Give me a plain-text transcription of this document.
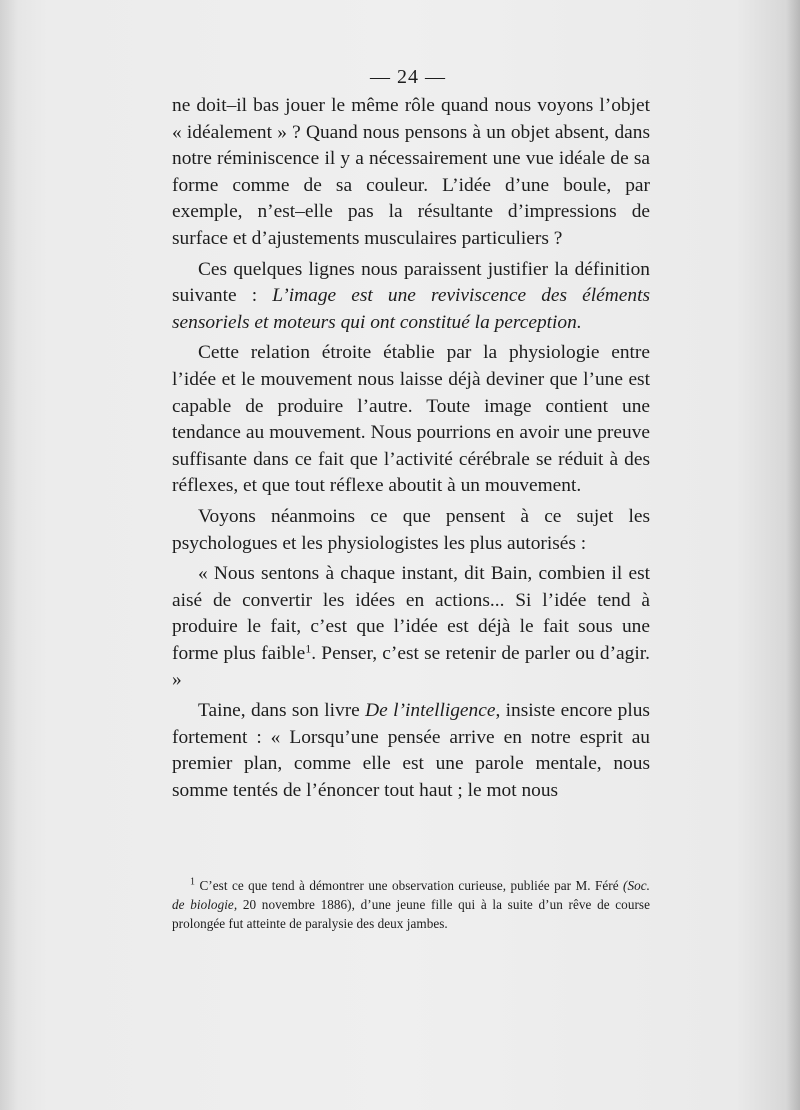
— 24 —

ne doit–il bas jouer le même rôle quand nous voyons l’objet « idéalement » ? Quand nous pensons à un objet absent, dans notre réminiscence il y a nécessairement une vue idéale de sa forme comme de sa couleur. L’idée d’une boule, par exemple, n’est–elle pas la résultante d’impressions de surface et d’ajustements musculaires particuliers ?

Ces quelques lignes nous paraissent justifier la définition suivante : L’image est une reviviscence des éléments sensoriels et moteurs qui ont constitué la perception.

Cette relation étroite établie par la physiologie entre l’idée et le mouvement nous laisse déjà deviner que l’une est capable de produire l’autre. Toute image contient une tendance au mouvement. Nous pourrions en avoir une preuve suffisante dans ce fait que l’activité cérébrale se réduit à des réflexes, et que tout réflexe aboutit à un mouvement.

Voyons néanmoins ce que pensent à ce sujet les psychologues et les physiologistes les plus autorisés :

« Nous sentons à chaque instant, dit Bain, combien il est aisé de convertir les idées en actions... Si l’idée tend à produire le fait, c’est que l’idée est déjà le fait sous une forme plus faible$^1$. Penser, c’est se retenir de parler ou d’agir. »

Taine, dans son livre De l’intelligence, insiste encore plus fortement : « Lorsqu’une pensée arrive en notre esprit au premier plan, comme elle est une parole mentale, nous somme tentés de l’énoncer tout haut ; le mot nous

$^1$ C’est ce que tend à démontrer une observation curieuse, publiée par M. Féré (Soc. de biologie, 20 novembre 1886), d’une jeune fille qui à la suite d’un rêve de course prolongée fut atteinte de paralysie des deux jambes.
